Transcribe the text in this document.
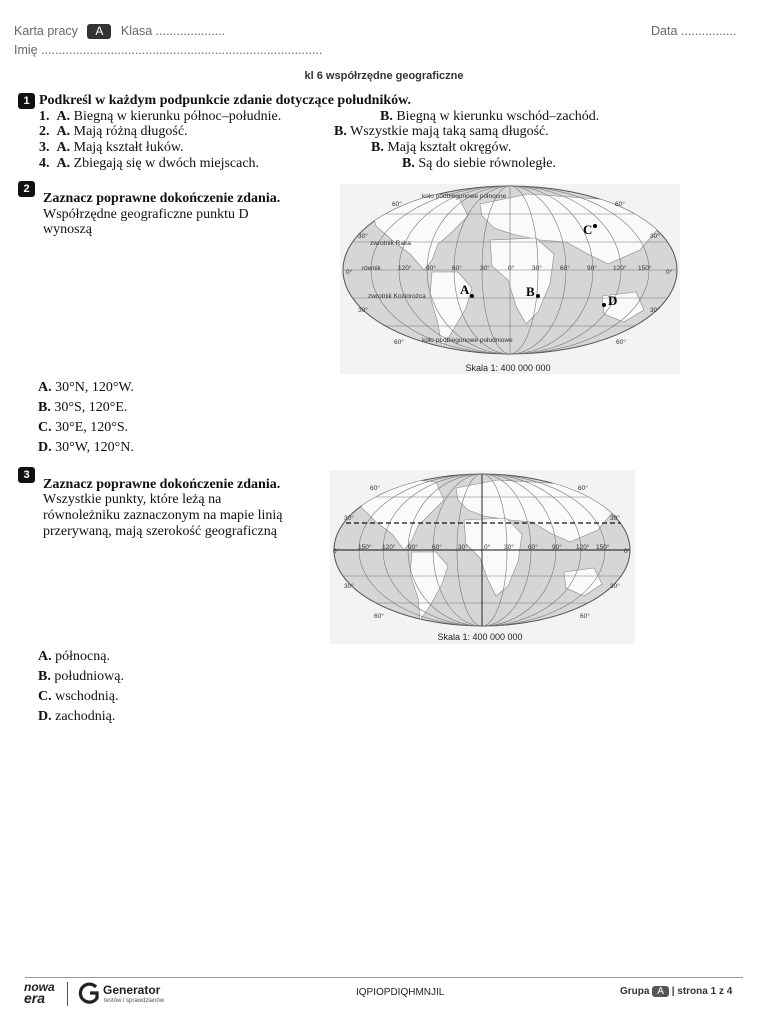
Karta pracy A Klasa ....................	Data ................
Imię .................................................................................
kl 6 współrzędne geograficzne
1 Podkreśl w każdym podpunkcie zdanie dotyczące południków.
1. A. Biegną w kierunku północ–południe.	B. Biegną w kierunku wschód–zachód.
2. A. Mają różną długość.	B. Wszystkie mają taką samą długość.
3. A. Mają kształt łuków.	B. Mają kształt okręgów.
4. A. Zbiegają się w dwóch miejscach.	B. Są do siebie równoległe.
2
Zaznacz poprawne dokończenie zdania.
Współrzędne geograficzne punktu D
wynoszą
60°	60°
30°	30°
0°	0°
30°	30°
60°	60°
koło podbiegunowe północne
zwrotnik Raka
równik
zwrotnik Koziorożca
koło podbiegunowe południowe
120° 90° 60°	30°	0°	30°	60°	90° 120° 150°
A	B
C
D
Skala 1: 400 000 000
A. 30°N, 120°W.
B. 30°S, 120°E.
C. 30°E, 120°S.
D. 30°W, 120°N.
3
Zaznacz poprawne dokończenie zdania.
Wszystkie punkty, które leżą na
równoleżniku zaznaczonym na mapie linią
przerywaną, mają szerokość geograficzną
60°	60°
30°	30°
0°	0°
30°	30°
60°	60°
150° 120° 90° 60° 30° 0° 30° 60° 90° 120° 150°
Skala 1: 400 000 000
A. północną.
B. południową.
C. wschodnią.
D. zachodnią.
nowa
era	Generator
testów i sprawdzianów
IQPIOPDIQHMNJIL	Grupa A | strona 1 z 4
